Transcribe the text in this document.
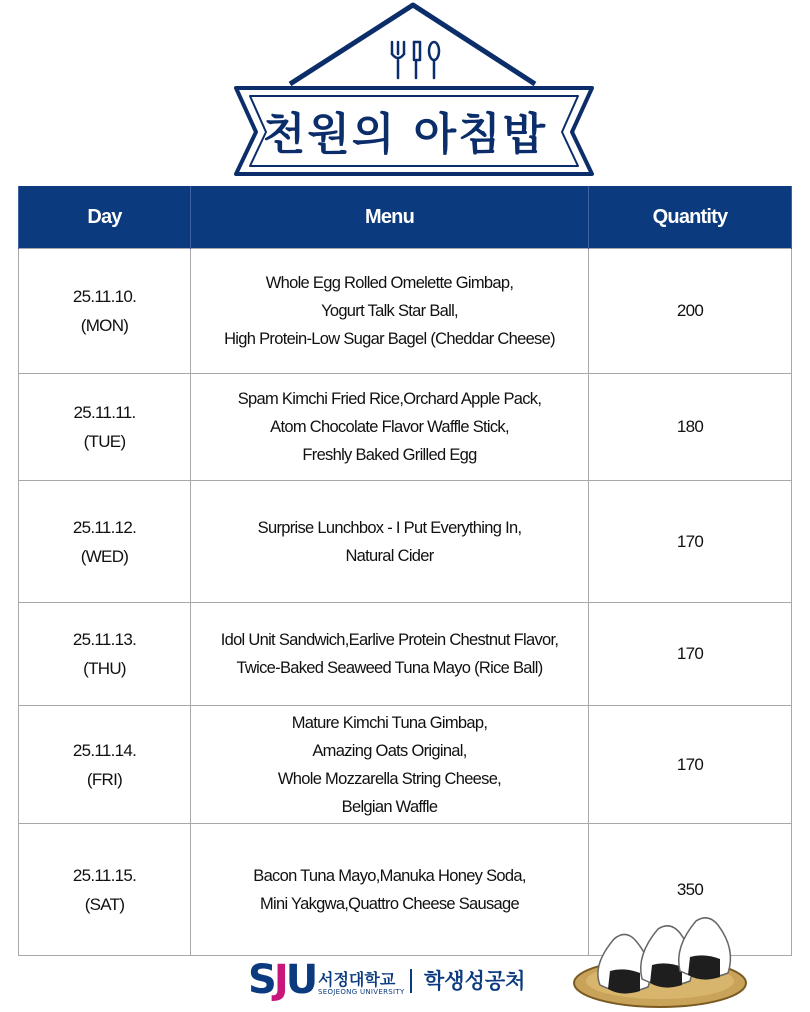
천원의 아침밥
Day	Menu	Quantity

25.11.10.
(MON)	Whole Egg Rolled Omelette Gimbap,
Yogurt Talk Star Ball,
High Protein-Low Sugar Bagel (Cheddar Cheese)	200

25.11.11.
(TUE)	Spam Kimchi Fried Rice,Orchard Apple Pack,
Atom Chocolate Flavor Waffle Stick,
Freshly Baked Grilled Egg	180

25.11.12.
(WED)	Surprise Lunchbox - I Put Everything In,
Natural Cider	170

25.11.13.
(THU)	Idol Unit Sandwich,Earlive Protein Chestnut Flavor,
Twice-Baked Seaweed Tuna Mayo (Rice Ball)	170

25.11.14.
(FRI)	Mature Kimchi Tuna Gimbap,
Amazing Oats Original,
Whole Mozzarella String Cheese,
Belgian Waffle	170

25.11.15.
(SAT)	Bacon Tuna Mayo,Manuka Honey Soda,
Mini Yakgwa,Quattro Cheese Sausage	350
SJU 서정대학교
SEOJEONG UNIVERSITY 학생성공처
